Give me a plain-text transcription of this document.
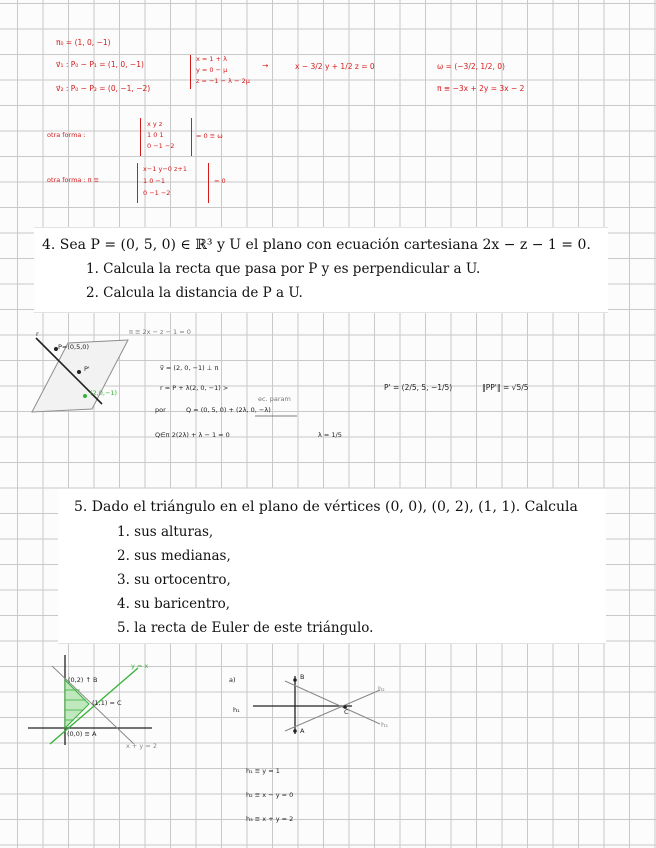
π₀ = (1, 0, −1)
v⃗₁ : P₀ − P₁ = (1, 0, −1)
v⃗₂ : P₀ − P₂ = (0, −1, −2)
x = 1 + λ
y = 0 − μ
z = −1 − λ − 2μ
→	x − 3/2 y + 1/2 z = 0	ω = (−3/2, 1/2, 0)
π ≡ −3x + 2y = 3x − 2
otra forma :
x y z
1 0 1
0 −1 −2
= 0 ≡ ω
otra forma : π ≡
x−1 y−0 z+1
1 0 −1
0 −1 −2
= 0
4. Sea P = (0, 5, 0) ∈ ℝ³ y U el plano con ecuación cartesiana 2x − z − 1 = 0.
1. Calcula la recta que pasa por P y es perpendicular a U.
2. Calcula la distancia de P a U.
r
P=(0,5,0)
P'
(2,0,−1)
π ≡ 2x − z − 1 = 0
v⃗ = (2, 0, −1) ⊥ π
r = P + λ(2, 0, −1) >
ec. param
por	Q = (0, 5, 0) + (2λ, 0, −λ)
Q∈π 2(2λ) + λ − 1 = 0	λ = 1/5
P' = (2/5, 5, −1/5)	‖PP'‖ = √5/5
5. Dado el triángulo en el plano de vértices (0, 0), (0, 2), (1, 1). Calcula
1. sus alturas,
2. sus medianas,
3. su ortocentro,
4. su baricentro,
5. la recta de Euler de este triángulo.
(0,2) ↑ B
(1,1) = C
(0,0) ≡ A
y = x
x + y = 2
a)
h₁
B
C
A
h₂
h₃
h₁ ≡ y = 1
h₂ ≡ x − y = 0
h₃ ≡ x + y = 2
